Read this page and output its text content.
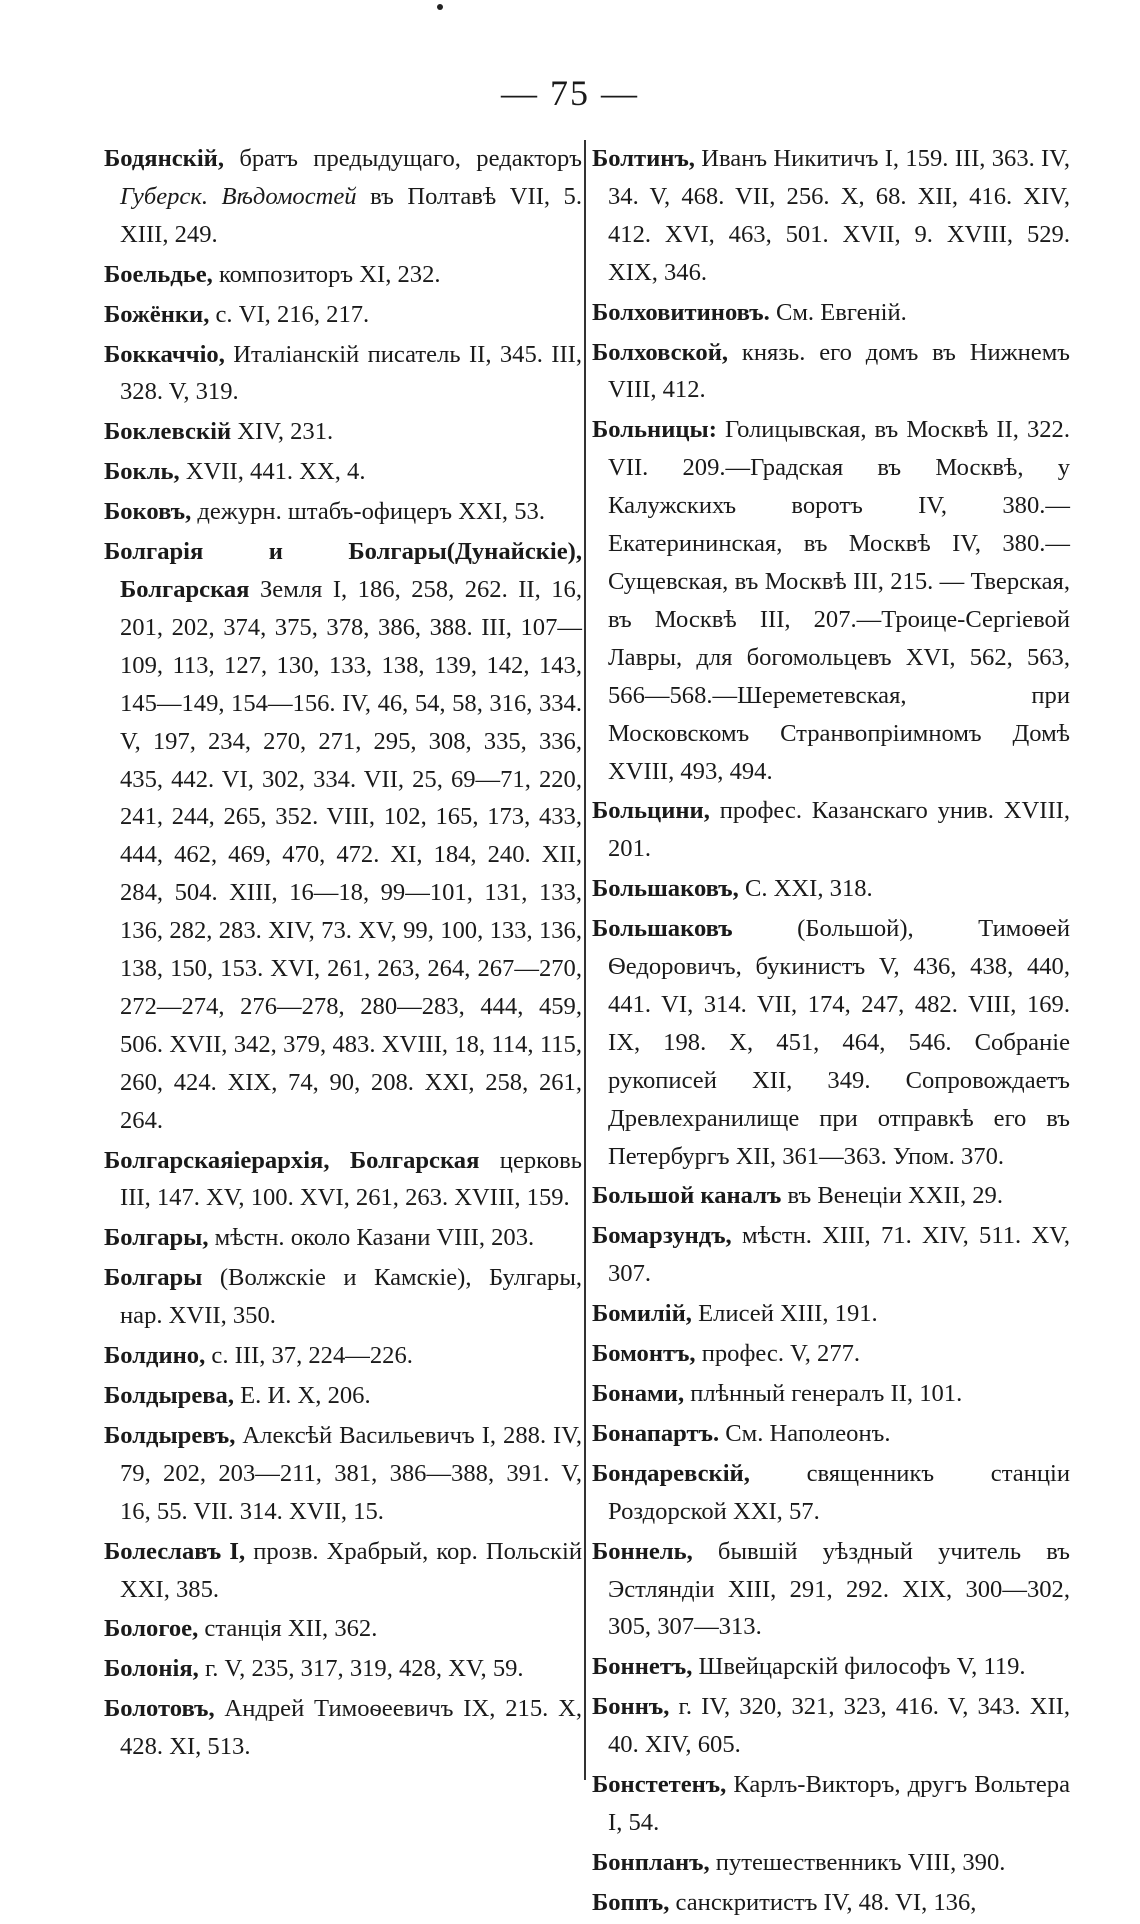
— 75 —

Бодянскій, братъ предыдущаго, редакторъ Губерск. Вѣдомостей въ Полтавѣ VII, 5. XIII, 249.

Боельдье, композиторъ XI, 232.

Божёнки, с. VI, 216, 217.

Боккаччіо, Италіанскій писатель II, 345. III, 328. V, 319.

Боклевскій XIV, 231.

Бокль, XVII, 441. XX, 4.

Боковъ, дежурн. штабъ-офицеръ XXI, 53.

Болгарія и Болгары(Дунайскіе), Болгарская Земля I, 186, 258, 262. II, 16, 201, 202, 374, 375, 378, 386, 388. III, 107—109, 113, 127, 130, 133, 138, 139, 142, 143, 145—149, 154—156. IV, 46, 54, 58, 316, 334. V, 197, 234, 270, 271, 295, 308, 335, 336, 435, 442. VI, 302, 334. VII, 25, 69—71, 220, 241, 244, 265, 352. VIII, 102, 165, 173, 433, 444, 462, 469, 470, 472. XI, 184, 240. XII, 284, 504. XIII, 16—18, 99—101, 131, 133, 136, 282, 283. XIV, 73. XV, 99, 100, 133, 136, 138, 150, 153. XVI, 261, 263, 264, 267—270, 272—274, 276—278, 280—283, 444, 459, 506. XVII, 342, 379, 483. XVIII, 18, 114, 115, 260, 424. XIX, 74, 90, 208. XXI, 258, 261, 264.

Болгарскаяіерархія, Болгарская церковь III, 147. XV, 100. XVI, 261, 263. XVIII, 159.

Болгары, мѣстн. около Казани VIII, 203.

Болгары (Волжскіе и Камскіе), Булгары, нар. XVII, 350.

Болдино, с. III, 37, 224—226.

Болдырева, Е. И. X, 206.

Болдыревъ, Алексѣй Васильевичъ I, 288. IV, 79, 202, 203—211, 381, 386—388, 391. V, 16, 55. VII. 314. XVII, 15.

Болеславъ I, прозв. Храбрый, кор. Польскій XXI, 385.

Бологое, станція XII, 362.

Болонія, г. V, 235, 317, 319, 428, XV, 59.

Болотовъ, Андрей Тимоѳеевичъ IX, 215. X, 428. XI, 513.

Болтинъ, Иванъ Никитичъ I, 159. III, 363. IV, 34. V, 468. VII, 256. X, 68. XII, 416. XIV, 412. XVI, 463, 501. XVII, 9. XVIII, 529. XIX, 346.

Болховитиновъ. См. Евгеній.

Болховской, князь. его домъ въ Нижнемъ VIII, 412.

Больницы: Голицывская, въ Москвѣ II, 322. VII. 209.—Градская въ Москвѣ, у Калужскихъ воротъ IV, 380.—Екатерининская, въ Москвѣ IV, 380.—Сущевская, въ Москвѣ III, 215. — Тверская, въ Москвѣ III, 207.—Троице-Сергіевой Лавры, для богомольцевъ XVI, 562, 563, 566—568.—Шереметевская, при Московскомъ Странвопріимномъ Домѣ XVIII, 493, 494.

Больцини, профес. Казанскаго унив. XVIII, 201.

Большаковъ, С. XXI, 318.

Большаковъ (Большой), Тимоѳей Ѳедоровичъ, букинистъ V, 436, 438, 440, 441. VI, 314. VII, 174, 247, 482. VIII, 169. IX, 198. X, 451, 464, 546. Собраніе рукописей XII, 349. Сопровождаетъ Древлехранилище при отправкѣ его въ Петербургъ XII, 361—363. Упом. 370.

Большой каналъ въ Венеціи XXII, 29.

Бомарзундъ, мѣстн. XIII, 71. XIV, 511. XV, 307.

Бомилій, Елисей XIII, 191.

Бомонтъ, профес. V, 277.

Бонами, плѣнный генералъ II, 101.

Бонапартъ. См. Наполеонъ.

Бондаревскій, священникъ станціи Роздорской XXI, 57.

Боннель, бывшій уѣздный учитель въ Эстляндіи XIII, 291, 292. XIX, 300—302, 305, 307—313.

Боннетъ, Швейцарскій философъ V, 119.

Боннъ, г. IV, 320, 321, 323, 416. V, 343. XII, 40. XIV, 605.

Бонстетенъ, Карлъ-Викторъ, другъ Вольтера I, 54.

Бонпланъ, путешественникъ VIII, 390.

Боппъ, санскритистъ IV, 48. VI, 136,
